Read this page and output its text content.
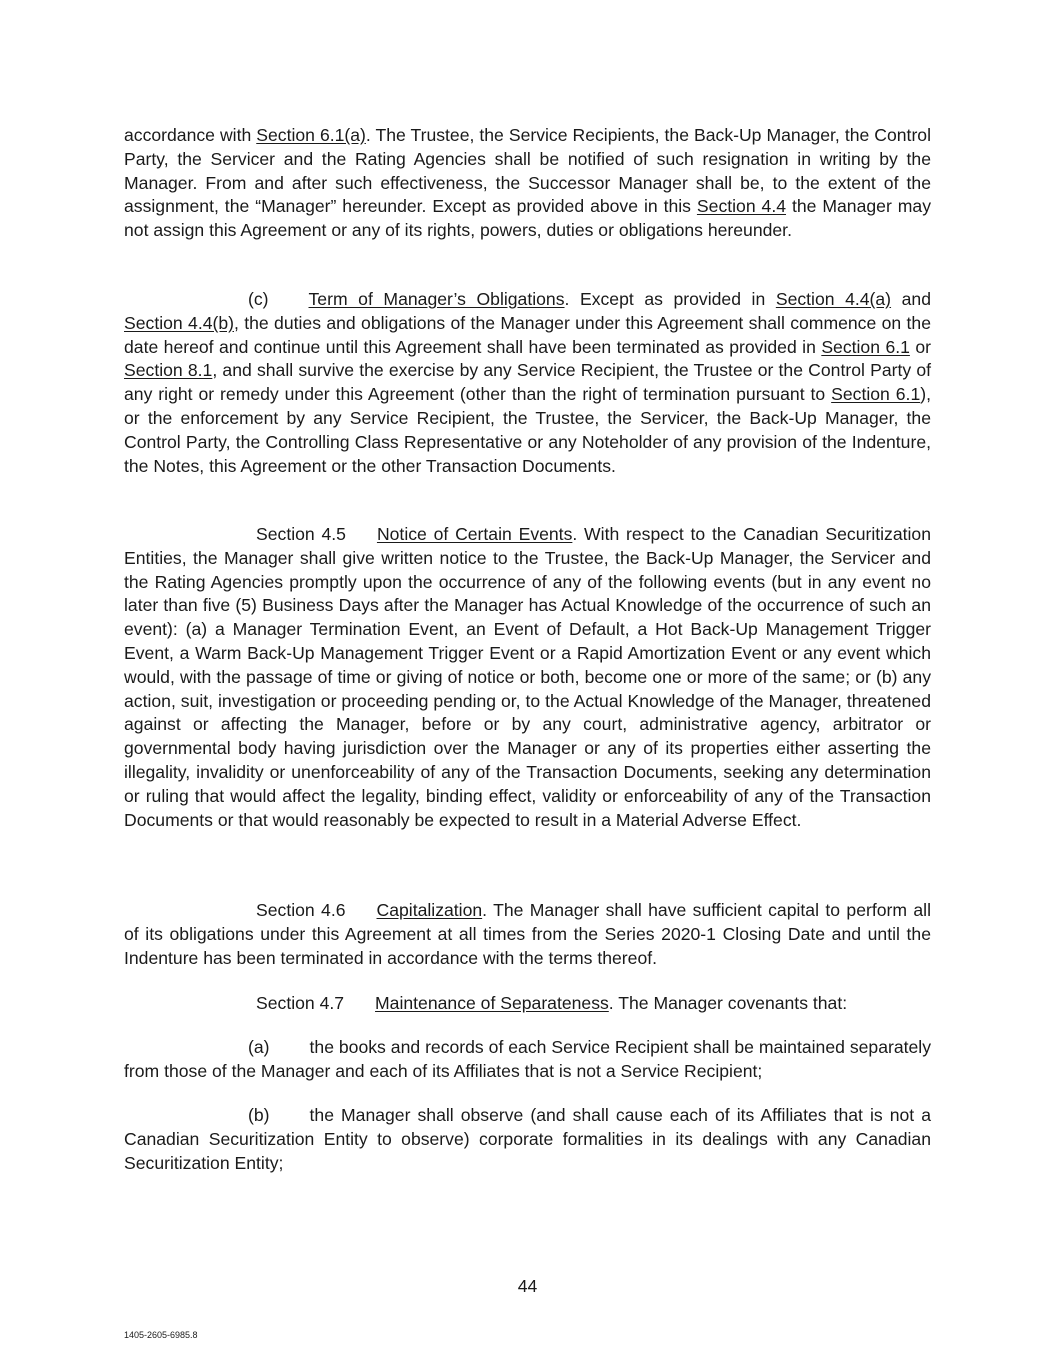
accordance with Section 6.1(a). The Trustee, the Service Recipients, the Back-Up Manager, the Control Party, the Servicer and the Rating Agencies shall be notified of such resignation in writing by the Manager. From and after such effectiveness, the Successor Manager shall be, to the extent of the assignment, the “Manager” hereunder. Except as provided above in this Section 4.4 the Manager may not assign this Agreement or any of its rights, powers, duties or obligations hereunder.

(c) Term of Manager’s Obligations. Except as provided in Section 4.4(a) and Section 4.4(b), the duties and obligations of the Manager under this Agreement shall commence on the date hereof and continue until this Agreement shall have been terminated as provided in Section 6.1 or Section 8.1, and shall survive the exercise by any Service Recipient, the Trustee or the Control Party of any right or remedy under this Agreement (other than the right of termination pursuant to Section 6.1), or the enforcement by any Service Recipient, the Trustee, the Servicer, the Back-Up Manager, the Control Party, the Controlling Class Representative or any Noteholder of any provision of the Indenture, the Notes, this Agreement or the other Transaction Documents.

Section 4.5 Notice of Certain Events. With respect to the Canadian Securitization Entities, the Manager shall give written notice to the Trustee, the Back-Up Manager, the Servicer and the Rating Agencies promptly upon the occurrence of any of the following events (but in any event no later than five (5) Business Days after the Manager has Actual Knowledge of the occurrence of such an event): (a) a Manager Termination Event, an Event of Default, a Hot Back-Up Management Trigger Event, a Warm Back-Up Management Trigger Event or a Rapid Amortization Event or any event which would, with the passage of time or giving of notice or both, become one or more of the same; or (b) any action, suit, investigation or proceeding pending or, to the Actual Knowledge of the Manager, threatened against or affecting the Manager, before or by any court, administrative agency, arbitrator or governmental body having jurisdiction over the Manager or any of its properties either asserting the illegality, invalidity or unenforceability of any of the Transaction Documents, seeking any determination or ruling that would affect the legality, binding effect, validity or enforceability of any of the Transaction Documents or that would reasonably be expected to result in a Material Adverse Effect.

Section 4.6 Capitalization. The Manager shall have sufficient capital to perform all of its obligations under this Agreement at all times from the Series 2020-1 Closing Date and until the Indenture has been terminated in accordance with the terms thereof.

Section 4.7 Maintenance of Separateness. The Manager covenants that:

(a) the books and records of each Service Recipient shall be maintained separately from those of the Manager and each of its Affiliates that is not a Service Recipient;

(b) the Manager shall observe (and shall cause each of its Affiliates that is not a Canadian Securitization Entity to observe) corporate formalities in its dealings with any Canadian Securitization Entity;

44
1405-2605-6985.8
